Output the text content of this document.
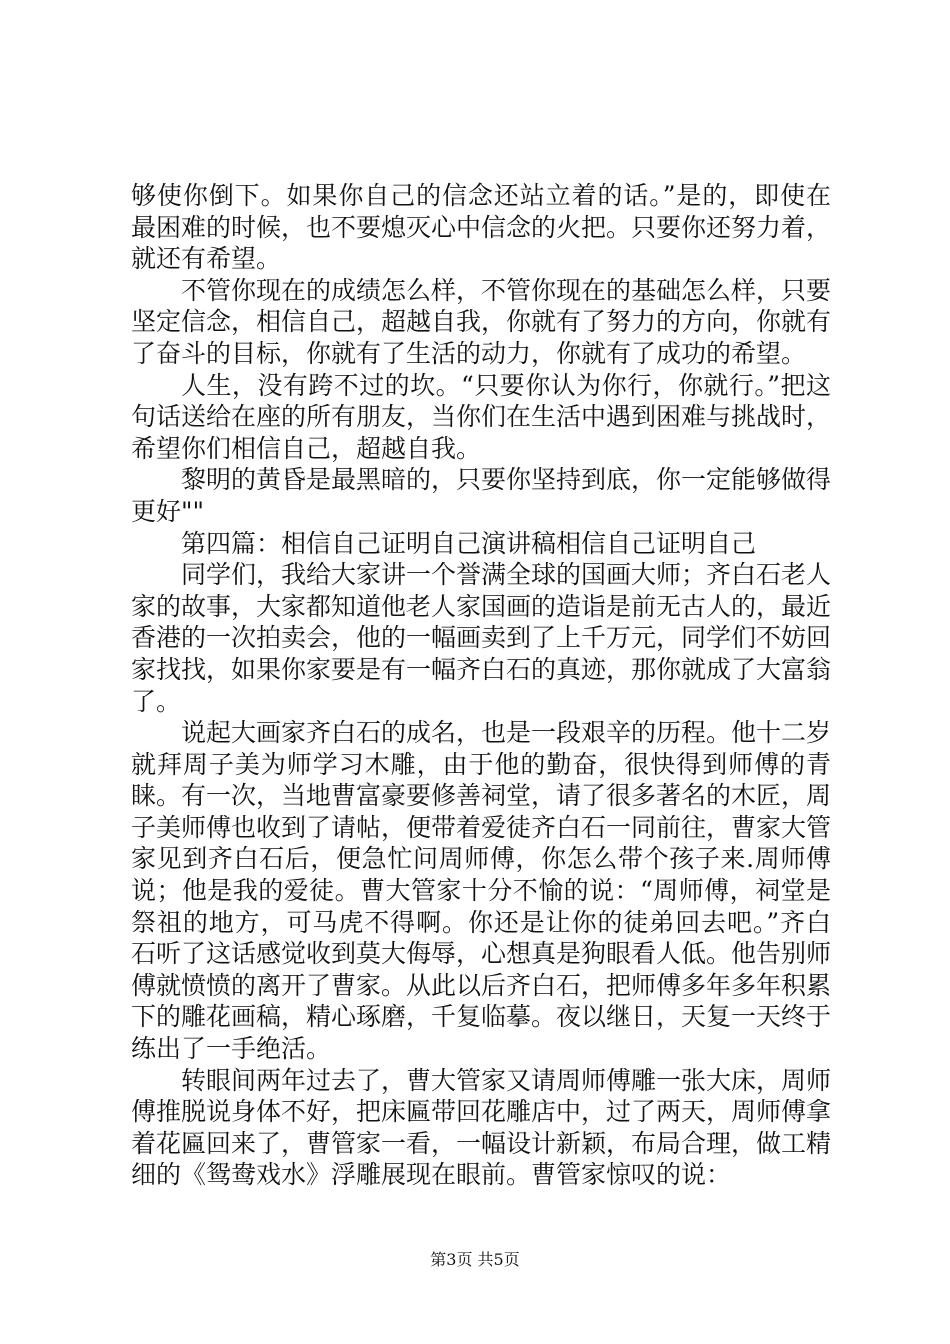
够使你倒下。如果你自己的信念还站立着的话。”是的，即使在最困难的时候，也不要熄灭心中信念的火把。只要你还努力着，就还有希望。

不管你现在的成绩怎么样，不管你现在的基础怎么样，只要坚定信念，相信自己，超越自我，你就有了努力的方向，你就有了奋斗的目标，你就有了生活的动力，你就有了成功的希望。

人生，没有跨不过的坎。“只要你认为你行，你就行。”把这句话送给在座的所有朋友，当你们在生活中遇到困难与挑战时，希望你们相信自己，超越自我。

黎明的黄昏是最黑暗的，只要你坚持到底，你一定能够做得更好""

第四篇：相信自己证明自己演讲稿相信自己证明自己

同学们，我给大家讲一个誉满全球的国画大师；齐白石老人家的故事，大家都知道他老人家国画的造诣是前无古人的，最近香港的一次拍卖会，他的一幅画卖到了上千万元，同学们不妨回家找找，如果你家要是有一幅齐白石的真迹，那你就成了大富翁了。

说起大画家齐白石的成名，也是一段艰辛的历程。他十二岁就拜周子美为师学习木雕，由于他的勤奋，很快得到师傅的青睐。有一次，当地曹富豪要修善祠堂，请了很多著名的木匠，周子美师傅也收到了请帖，便带着爱徒齐白石一同前往，曹家大管家见到齐白石后，便急忙问周师傅，你怎么带个孩子来.周师傅说；他是我的爱徒。曹大管家十分不愉的说：“周师傅，祠堂是祭祖的地方，可马虎不得啊。你还是让你的徒弟回去吧。”齐白石听了这话感觉收到莫大侮辱，心想真是狗眼看人低。他告别师傅就愤愤的离开了曹家。从此以后齐白石，把师傅多年多年积累下的雕花画稿，精心琢磨，千复临摹。夜以继日，天复一天终于练出了一手绝活。

转眼间两年过去了，曹大管家又请周师傅雕一张大床，周师傅推脱说身体不好，把床匾带回花雕店中，过了两天，周师傅拿着花匾回来了，曹管家一看，一幅设计新颖，布局合理，做工精细的《鸳鸯戏水》浮雕展现在眼前。曹管家惊叹的说：

第3页 共5页
